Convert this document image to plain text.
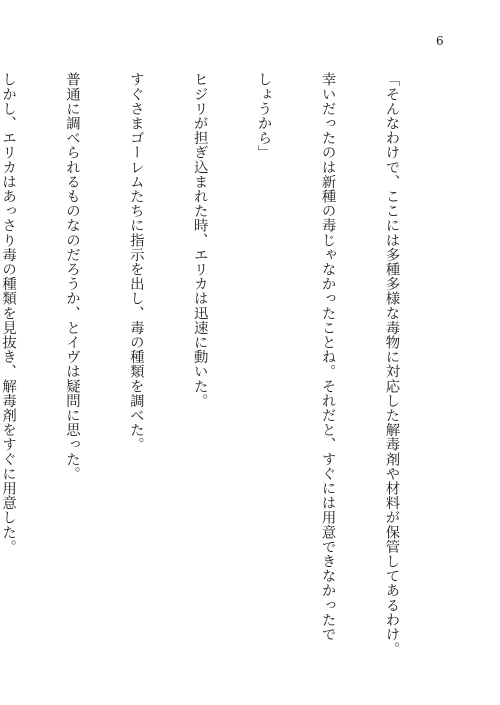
6

「そんなわけで、ここには多種多様な毒物に対応した解毒剤や材料が保管してあるわけ。

幸いだったのは新種の毒じゃなかったことね。それだと、すぐには用意できなかったで

しょうから」

ヒジリが担ぎ込まれた時、エリカは迅速に動いた。

すぐさまゴーレムたちに指示を出し、毒の種類を調べた。

普通に調べられるものなのだろうか、とイヴは疑問に思った。

しかし、エリカはあっさり毒の種類を見抜き、解毒剤をすぐに用意した。
